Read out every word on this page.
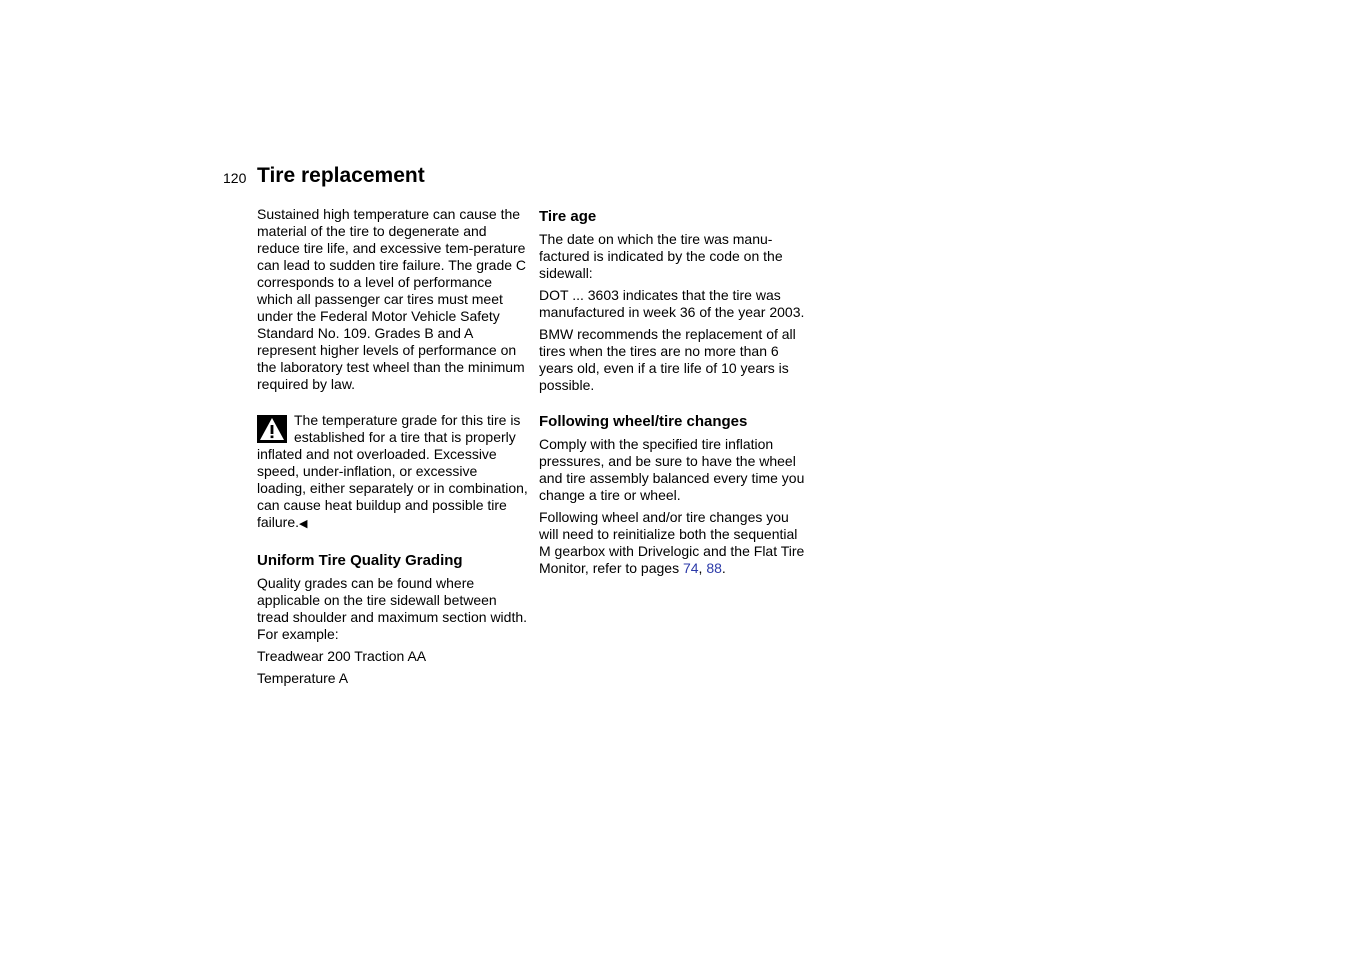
120 Tire replacement

Sustained high temperature can cause the material of the tire to degenerate and reduce tire life, and excessive tem-perature can lead to sudden tire failure. The grade C corresponds to a level of performance which all passenger car tires must meet under the Federal Motor Vehicle Safety Standard No. 109. Grades B and A represent higher levels of performance on the laboratory test wheel than the minimum required by law.

The temperature grade for this tire is established for a tire that is properly inflated and not overloaded. Excessive speed, under-inflation, or excessive loading, either separately or in combination, can cause heat buildup and possible tire failure.◀

Uniform Tire Quality Grading

Quality grades can be found where applicable on the tire sidewall between tread shoulder and maximum section width. For example:

Treadwear 200 Traction AA

Temperature A

Tire age

The date on which the tire was manu-factured is indicated by the code on the sidewall:

DOT ... 3603 indicates that the tire was manufactured in week 36 of the year 2003.

BMW recommends the replacement of all tires when the tires are no more than 6 years old, even if a tire life of 10 years is possible.

Following wheel/tire changes

Comply with the specified tire inflation pressures, and be sure to have the wheel and tire assembly balanced every time you change a tire or wheel.

Following wheel and/or tire changes you will need to reinitialize both the sequential M gearbox with Drivelogic and the Flat Tire Monitor, refer to pages 74, 88.
